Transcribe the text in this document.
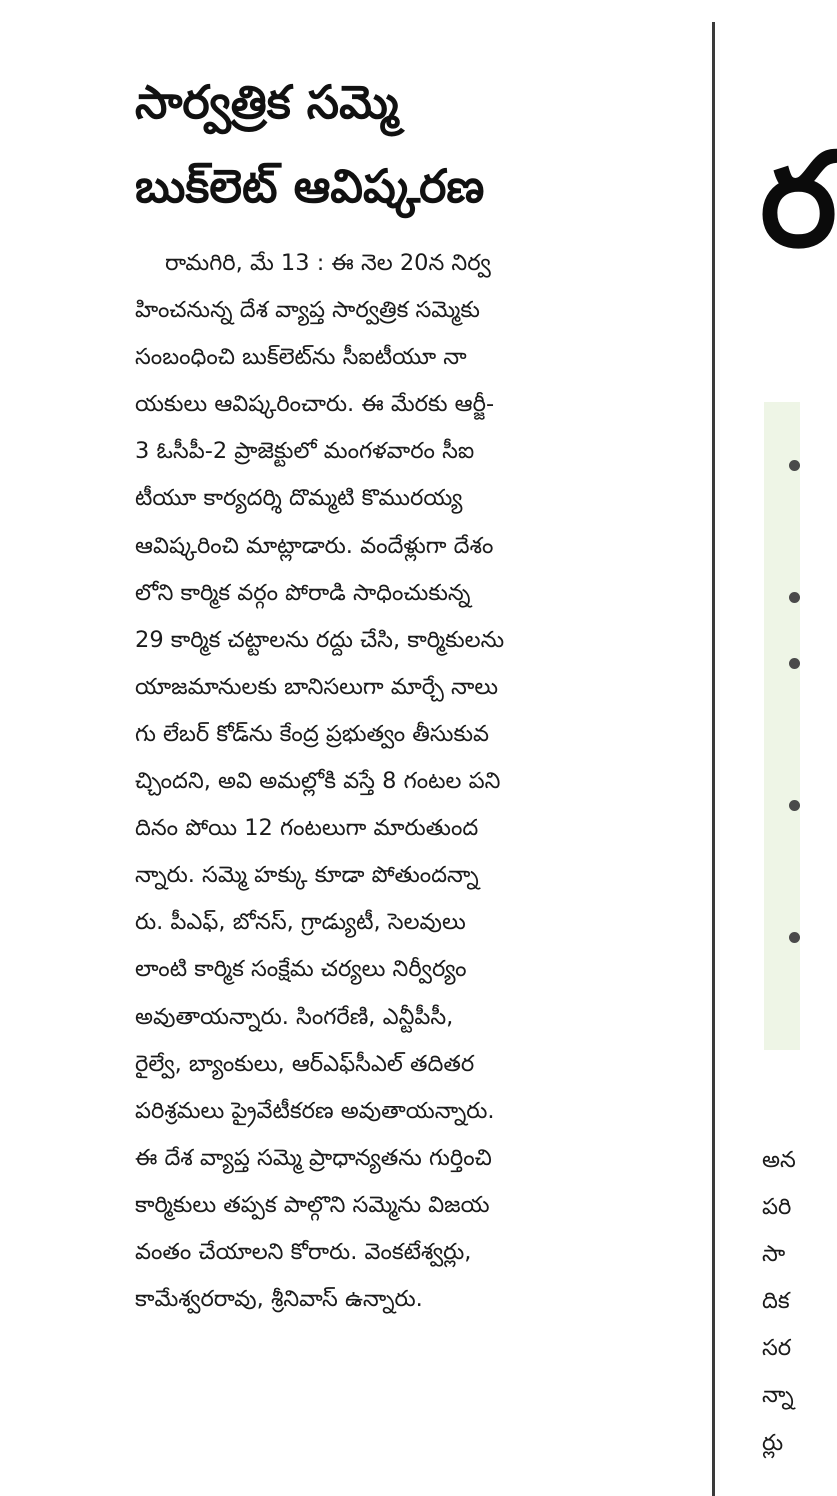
సార్వత్రిక సమ్మె
బుక్‌లెట్ ఆవిష్కరణ
రామగిరి, మే 13 : ఈ నెల 20న నిర్వ
హించనున్న దేశ వ్యాప్త సార్వత్రిక సమ్మెకు
సంబంధించి బుక్‌లెట్‌ను సీఐటీయూ నా
యకులు ఆవిష్కరించారు. ఈ మేరకు ఆర్జీ-
3 ఓసీపీ-2 ప్రాజెక్టులో మంగళవారం సీఐ
టీయూ కార్యదర్శి దొమ్మటి కొమురయ్య
ఆవిష్కరించి మాట్లాడారు. వందేళ్లుగా దేశం
లోని కార్మిక వర్గం పోరాడి సాధించుకున్న
29 కార్మిక చట్టాలను రద్దు చేసి, కార్మికులను
యాజమానులకు బానిసలుగా మార్చే నాలు
గు లేబర్ కోడ్‌ను కేంద్ర ప్రభుత్వం తీసుకువ
చ్చిందని, అవి అమల్లోకి వస్తే 8 గంటల పని
దినం పోయి 12 గంటలుగా మారుతుంద
న్నారు. సమ్మె హక్కు కూడా పోతుందన్నా
రు. పీఎఫ్, బోనస్, గ్రాడ్యుటీ, సెలవులు
లాంటి కార్మిక సంక్షేమ చర్యలు నిర్వీర్యం
అవుతాయన్నారు. సింగరేణి, ఎన్టీపీసీ,
రైల్వే, బ్యాంకులు, ఆర్‌ఎఫ్‌సీఎల్ తదితర
పరిశ్రమలు ప్రైవేటీకరణ అవుతాయన్నారు.
ఈ దేశ వ్యాప్త సమ్మె ప్రాధాన్యతను గుర్తించి
కార్మికులు తప్పక పాల్గొని సమ్మెను విజయ
వంతం చేయాలని కోరారు. వెంకటేశ్వర్లు,
కామేశ్వరరావు, శ్రీనివాస్ ఉన్నారు.
ర
అన
పరి
సా
దిక
సర
న్నా
ర్లు
